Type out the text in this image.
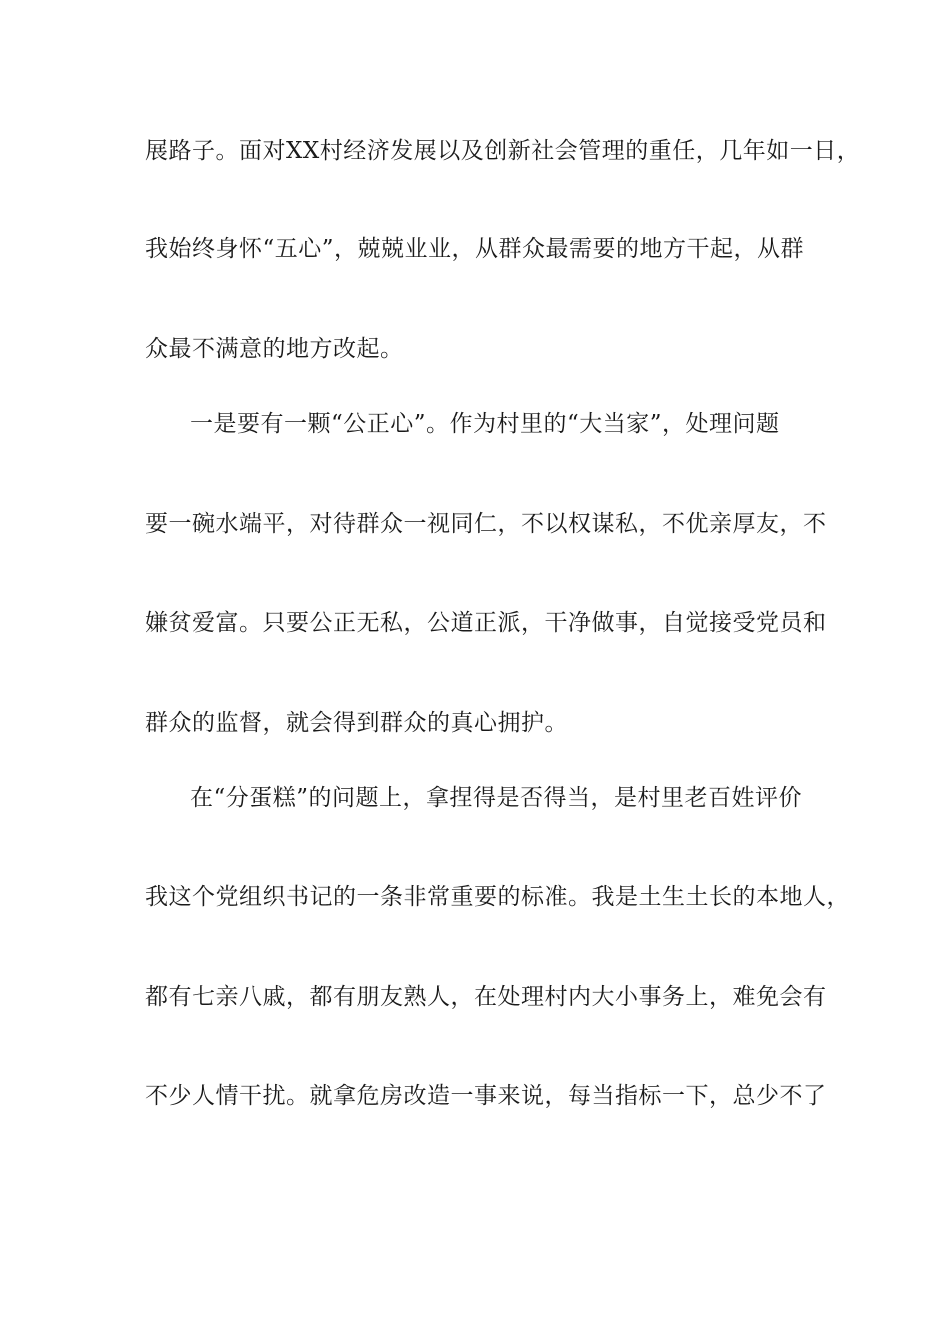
展路子。面对XX村经济发展以及创新社会管理的重任，几年如一日，
我始终身怀“五心”，兢兢业业，从群众最需要的地方干起，从群
众最不满意的地方改起。
一是要有一颗“公正心”。作为村里的“大当家”，处理问题
要一碗水端平，对待群众一视同仁，不以权谋私，不优亲厚友，不
嫌贫爱富。只要公正无私，公道正派，干净做事，自觉接受党员和
群众的监督，就会得到群众的真心拥护。
在“分蛋糕”的问题上，拿捏得是否得当，是村里老百姓评价
我这个党组织书记的一条非常重要的标准。我是土生土长的本地人，
都有七亲八戚，都有朋友熟人，在处理村内大小事务上，难免会有
不少人情干扰。就拿危房改造一事来说，每当指标一下，总少不了
